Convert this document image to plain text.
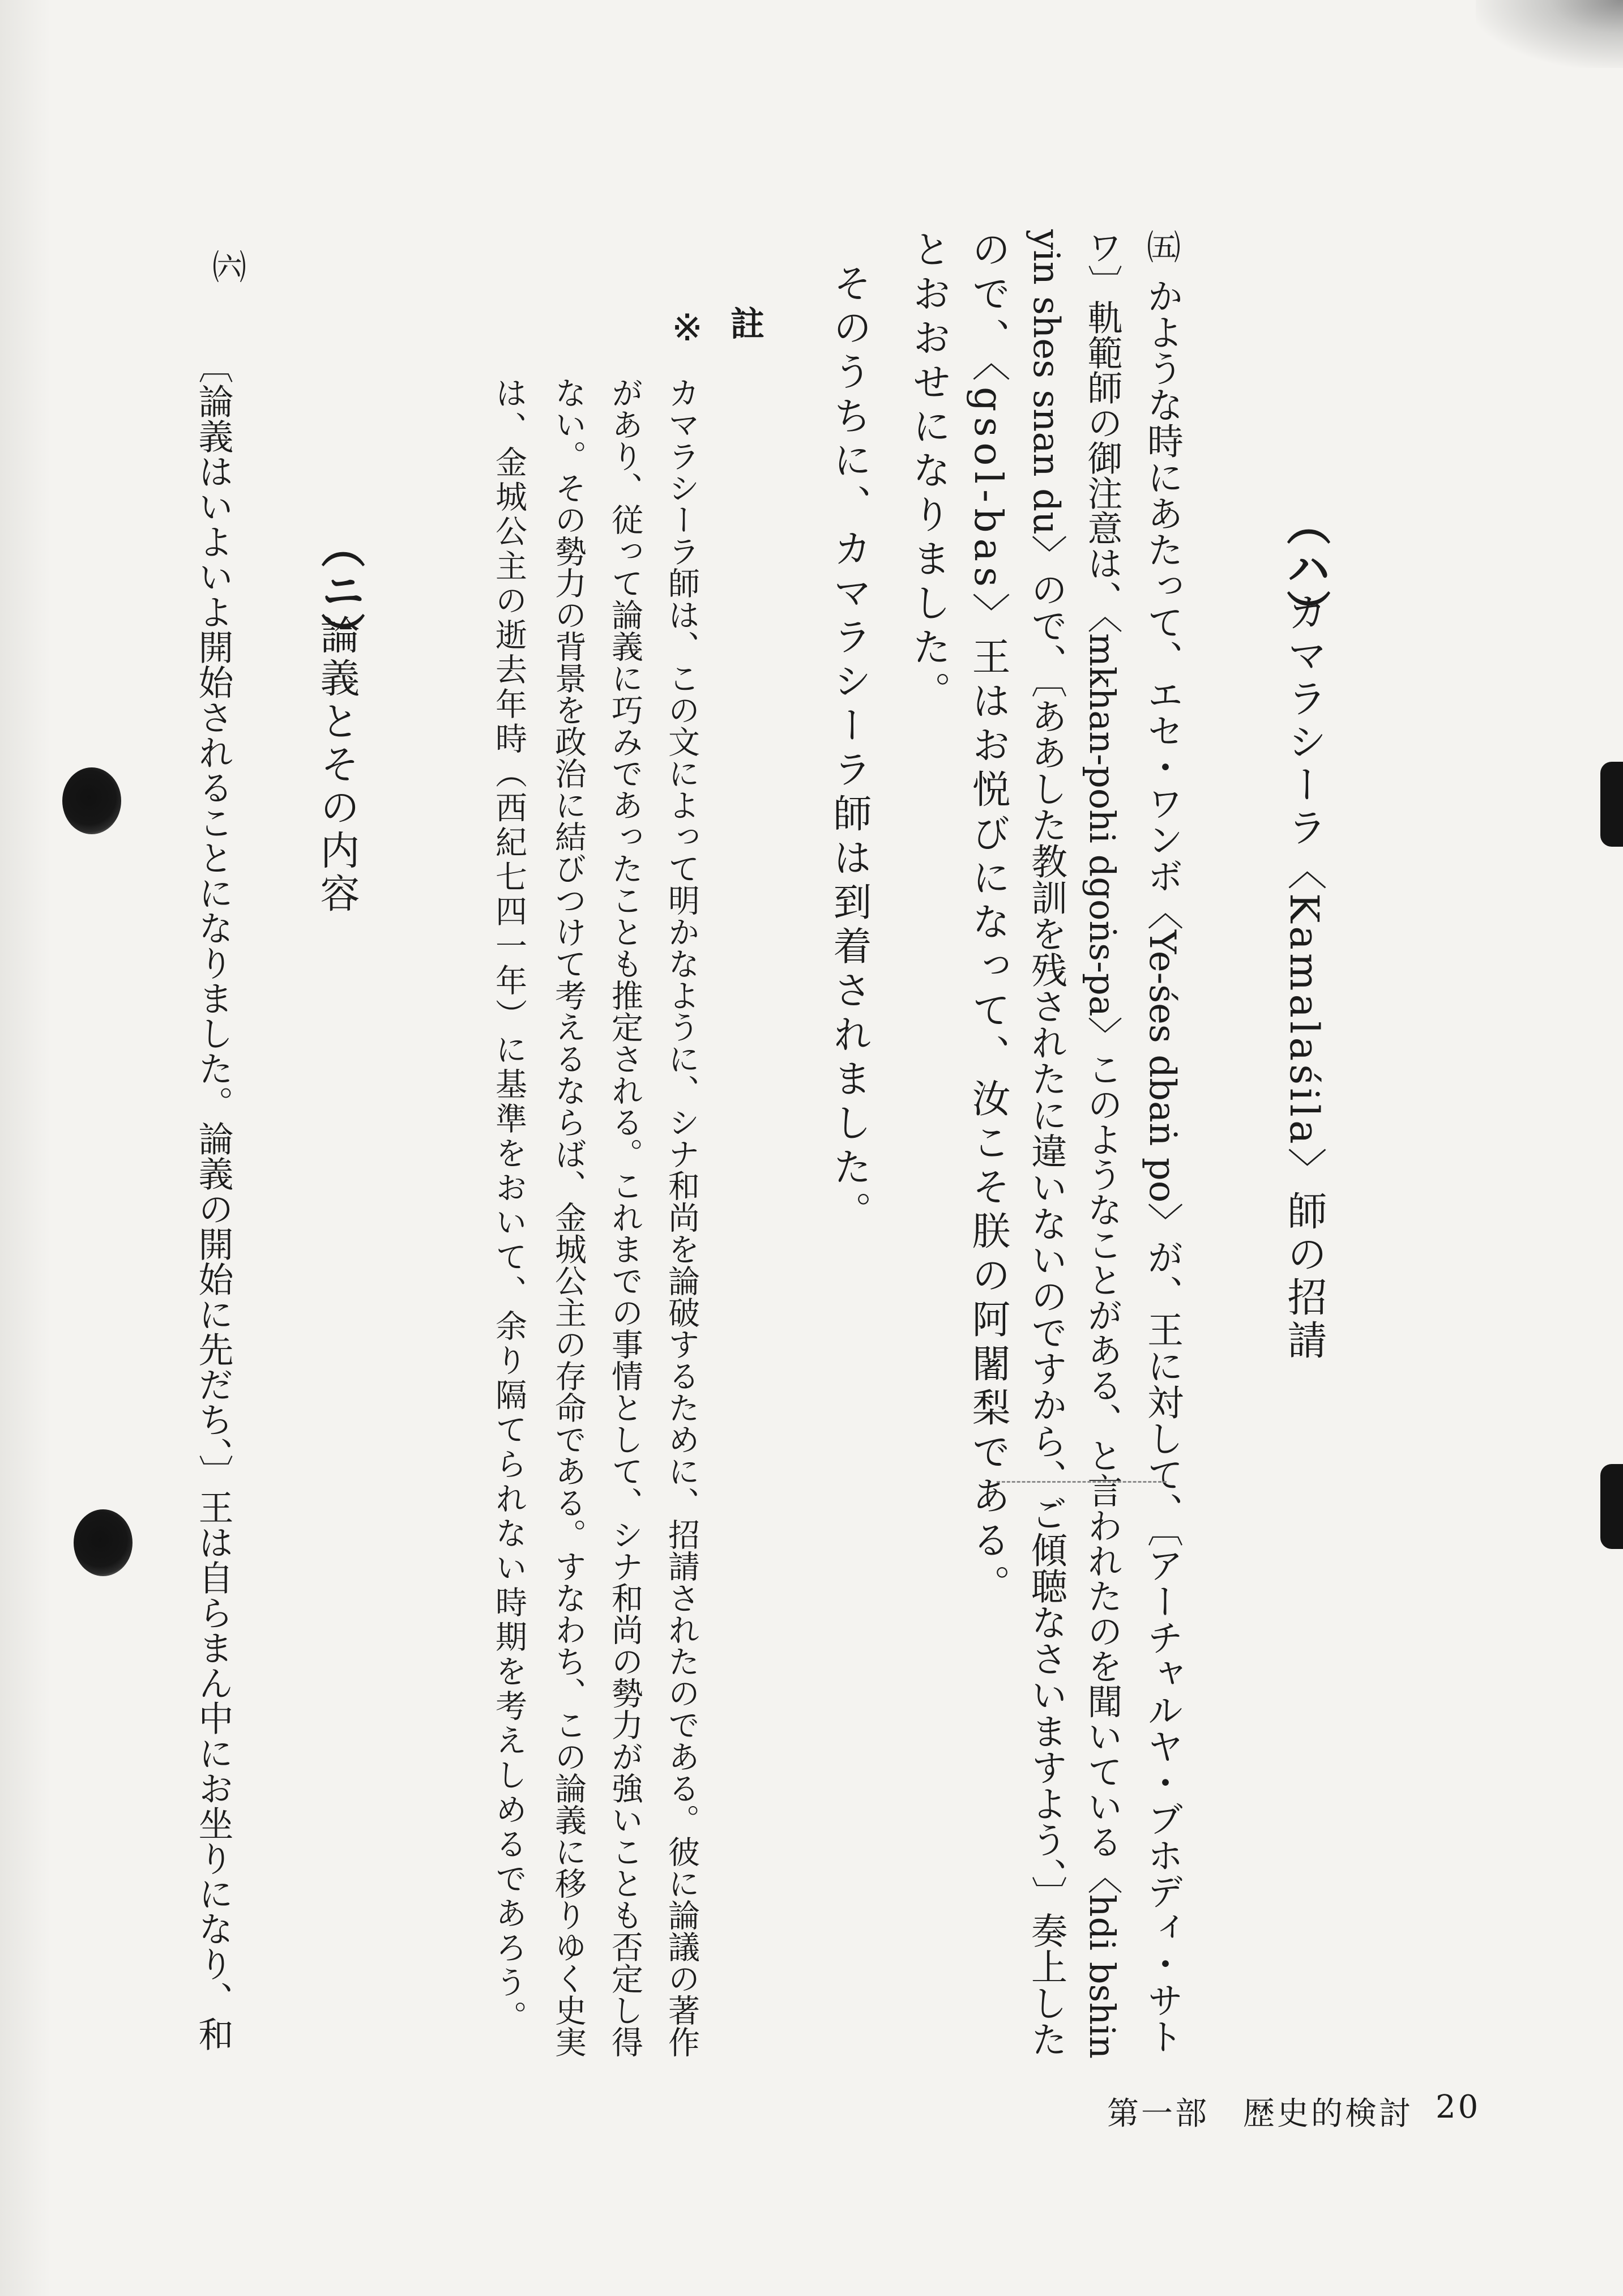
（ハ）
カマラシーラ〈Kamalaśila〉師の招請
㈤
かような時にあたって、エセ・ワンボ〈Ye-śes dbaṅ po〉が、王に対して、〔アーチャルヤ・ブホディ・サト
ワ〕軌範師の御注意は、〈mkhan-pohi dgoṅs-pa〉このようなことがある、と言われたのを聞いている〈hdi bshin
yin shes snan du〉ので、〔ああした教訓を残されたに違いないのですから、ご傾聴なさいますよう、〕奏上した
ので、〈gsol-bas〉王はお悦びになって、汝こそ朕の阿闍梨である。
とおおせになりました。
そのうちに、カマラシーラ師は到着されました。
註
※
カマラシーラ師は、この文によって明かなように、シナ和尚を論破するために、招請されたのである。彼に論議の著作
があり、従って論義に巧みであったことも推定される。これまでの事情として、シナ和尚の勢力が強いことも否定し得
ない。その勢力の背景を政治に結びつけて考えるならば、金城公主の存命である。すなわち、この論義に移りゆく史実
は、金城公主の逝去年時（西紀七四一年）に基準をおいて、余り隔てられない時期を考えしめるであろう。
（ニ）
論義とその内容
㈥
〔論義はいよいよ開始されることになりました。論義の開始に先だち、〕王は自らまん中にお坐りになり、和
第一部　歴史的検討 20
